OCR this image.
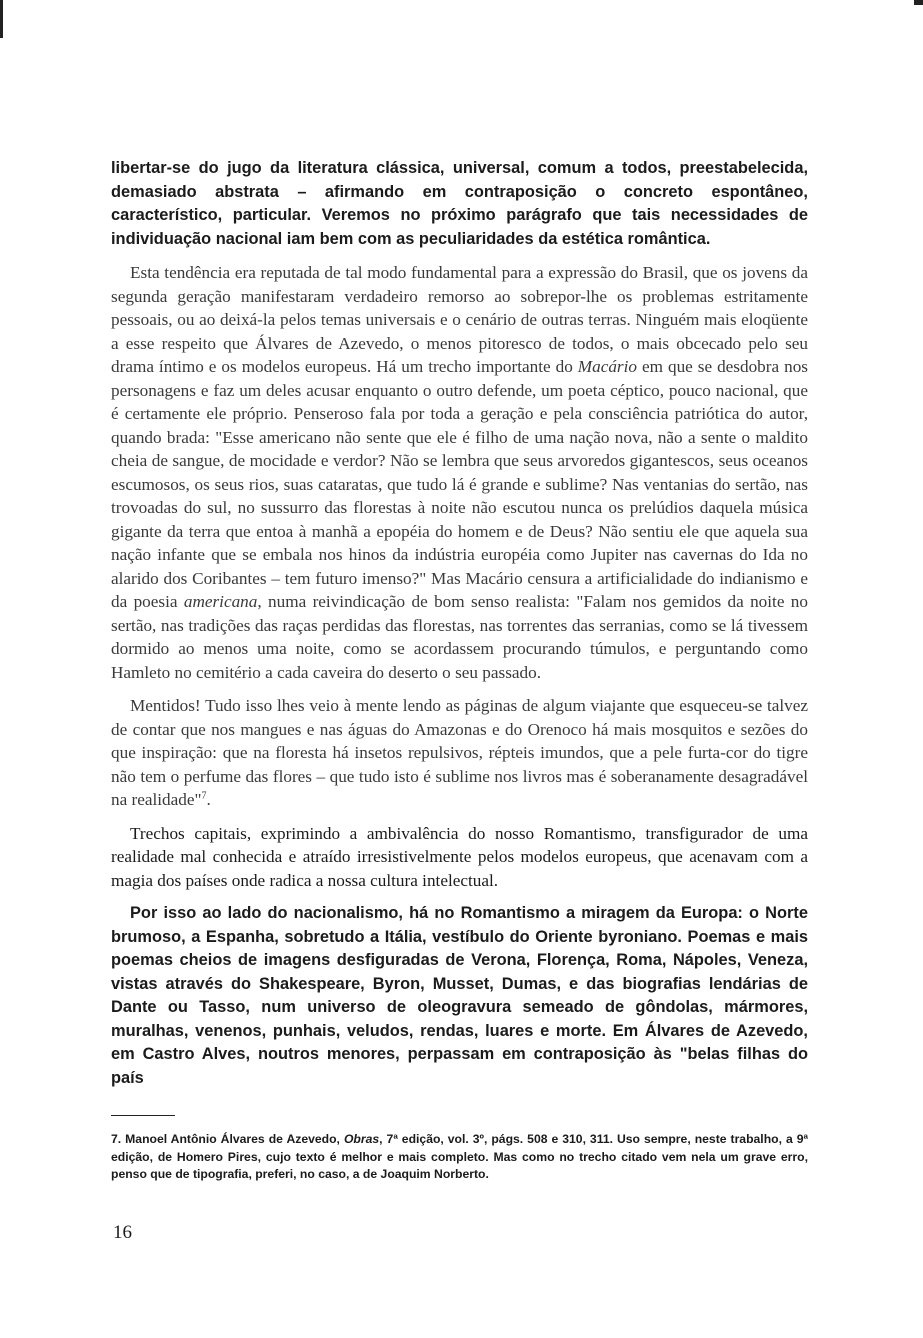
libertar-se do jugo da literatura clássica, universal, comum a todos, preestabelecida, demasiado abstrata – afirmando em contraposição o concreto espontâneo, característico, particular. Veremos no próximo parágrafo que tais necessidades de individuação nacional iam bem com as peculiaridades da estética romântica.

Esta tendência era reputada de tal modo fundamental para a expressão do Brasil, que os jovens da segunda geração manifestaram verdadeiro remorso ao sobrepor-lhe os problemas estritamente pessoais, ou ao deixá-la pelos temas universais e o cenário de outras terras. Ninguém mais eloqüente a esse respeito que Álvares de Azevedo, o menos pitoresco de todos, o mais obcecado pelo seu drama íntimo e os modelos europeus. Há um trecho importante do Macário em que se desdobra nos personagens e faz um deles acusar enquanto o outro defende, um poeta céptico, pouco nacional, que é certamente ele próprio. Penseroso fala por toda a geração e pela consciência patriótica do autor, quando brada: "Esse americano não sente que ele é filho de uma nação nova, não a sente o maldito cheia de sangue, de mocidade e verdor? Não se lembra que seus arvoredos gigantescos, seus oceanos escumosos, os seus rios, suas cataratas, que tudo lá é grande e sublime? Nas ventanias do sertão, nas trovoadas do sul, no sussurro das florestas à noite não escutou nunca os prelúdios daquela música gigante da terra que entoa à manhã a epopéia do homem e de Deus? Não sentiu ele que aquela sua nação infante que se embala nos hinos da indústria européia como Jupiter nas cavernas do Ida no alarido dos Coribantes – tem futuro imenso?" Mas Macário censura a artificialidade do indianismo e da poesia americana, numa reivindicação de bom senso realista: "Falam nos gemidos da noite no sertão, nas tradições das raças perdidas das florestas, nas torrentes das serranias, como se lá tivessem dormido ao menos uma noite, como se acordassem procurando túmulos, e perguntando como Hamleto no cemitério a cada caveira do deserto o seu passado.

Mentidos! Tudo isso lhes veio à mente lendo as páginas de algum viajante que esqueceu-se talvez de contar que nos mangues e nas águas do Amazonas e do Orenoco há mais mosquitos e sezões do que inspiração: que na floresta há insetos repulsivos, répteis imundos, que a pele furta-cor do tigre não tem o perfume das flores – que tudo isto é sublime nos livros mas é soberanamente desagradável na realidade"$^7$.

Trechos capitais, exprimindo a ambivalência do nosso Romantismo, transfigurador de uma realidade mal conhecida e atraído irresistivelmente pelos modelos europeus, que acenavam com a magia dos países onde radica a nossa cultura intelectual.

Por isso ao lado do nacionalismo, há no Romantismo a miragem da Europa: o Norte brumoso, a Espanha, sobretudo a Itália, vestíbulo do Oriente byroniano. Poemas e mais poemas cheios de imagens desfiguradas de Verona, Florença, Roma, Nápoles, Veneza, vistas através do Shakespeare, Byron, Musset, Dumas, e das biografias lendárias de Dante ou Tasso, num universo de oleogravura semeado de gôndolas, mármores, muralhas, venenos, punhais, veludos, rendas, luares e morte. Em Álvares de Azevedo, em Castro Alves, noutros menores, perpassam em contraposição às "belas filhas do país

7. Manoel Antônio Álvares de Azevedo, Obras, 7ª edição, vol. 3º, págs. 508 e 310, 311. Uso sempre, neste trabalho, a 9ª edição, de Homero Pires, cujo texto é melhor e mais completo. Mas como no trecho citado vem nela um grave erro, penso que de tipografia, preferi, no caso, a de Joaquim Norberto.

16
